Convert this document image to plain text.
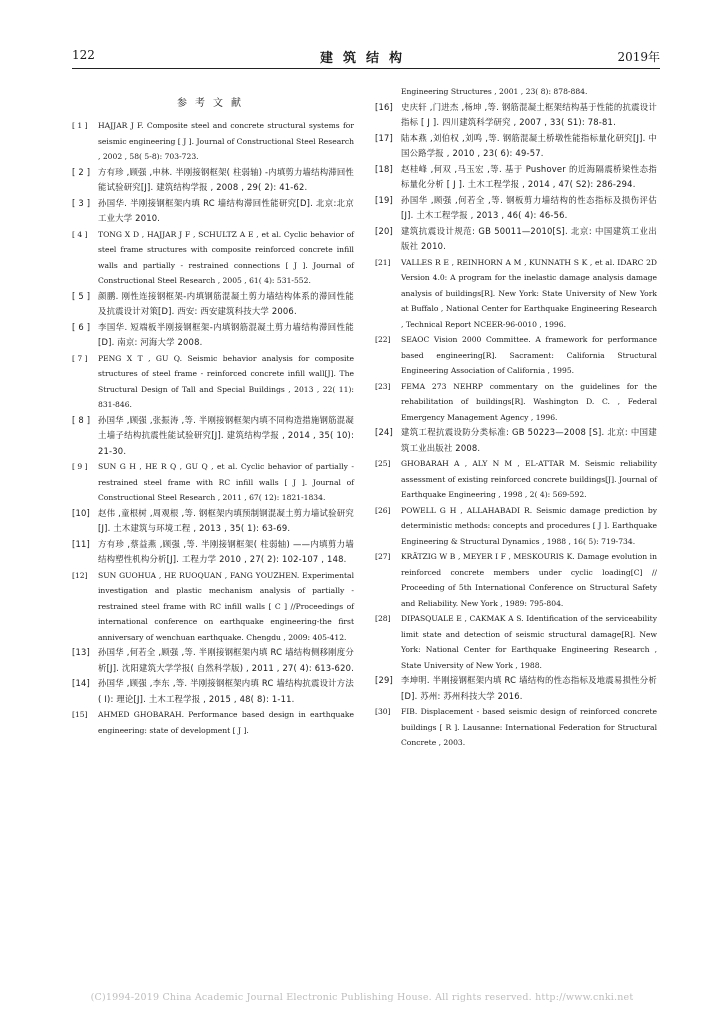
122	建筑结构	2019年
参考文献
[ 1 ] HAJJAR J F. Composite steel and concrete structural systems for seismic engineering [ J ]. Journal of Constructional Steel Research , 2002 , 58( 5-8): 703-723.
[ 2 ] 方有珍 ,顾强 ,申林. 半刚接钢框架( 柱弱轴) -内填剪力墙结构滞回性能试验研究[J]. 建筑结构学报 , 2008 , 29( 2): 41-62.
[ 3 ] 孙国华. 半刚接钢框架内填 RC 墙结构滞回性能研究[D]. 北京:北京工业大学 2010.
[ 4 ] TONG X D , HAJJAR J F , SCHULTZ A E , et al. Cyclic behavior of steel frame structures with composite reinforced concrete infill walls and partially - restrained connections [ J ]. Journal of Constructional Steel Research , 2005 , 61( 4): 531-552.
[ 5 ] 颜鹏. 刚性连接钢框架-内填钢筋混凝土剪力墙结构体系的滞回性能及抗震设计对策[D]. 西安: 西安建筑科技大学 2006.
[ 6 ] 李国华. 短端板半刚接钢框架-内填钢筋混凝土剪力墙结构滞回性能[D]. 南京: 河海大学 2008.
[ 7 ] PENG X T , GU Q. Seismic behavior analysis for composite structures of steel frame - reinforced concrete infill wall[J]. The Structural Design of Tall and Special Buildings , 2013 , 22( 11): 831-846.
[ 8 ] 孙国华 ,顾强 ,张振涛 ,等. 半刚接钢框架内填不同构造措施钢筋混凝土墙子结构抗震性能试验研究[J]. 建筑结构学报 , 2014 , 35( 10): 21-30.
[ 9 ] SUN G H , HE R Q , GU Q , et al. Cyclic behavior of partially - restrained steel frame with RC infill walls [ J ]. Journal of Constructional Steel Research , 2011 , 67( 12): 1821-1834.
[10] 赵伟 ,童根树 ,周观根 ,等. 钢框架内填预制钢混凝土剪力墙试验研究[J]. 土木建筑与环境工程 , 2013 , 35( 1): 63-69.
[11] 方有珍 ,蔡益燕 ,顾强 ,等. 半刚接钢框架( 柱弱轴) ——内填剪力墙结构塑性机构分析[J]. 工程力学 2010 , 27( 2): 102-107 , 148.
[12] SUN GUOHUA , HE RUOQUAN , FANG YOUZHEN. Experimental investigation and plastic mechanism analysis of partially - restrained steel frame with RC infill walls [ C ] //Proceedings of international conference on earthquake engineering-the first anniversary of wenchuan earthquake. Chengdu , 2009: 405-412.
[13] 孙国华 ,何若全 ,顾强 ,等. 半刚接钢框架内填 RC 墙结构侧移刚度分析[J]. 沈阳建筑大学学报( 自然科学版) , 2011 , 27( 4): 613-620.
[14] 孙国华 ,顾强 ,李东 ,等. 半刚接钢框架内填 RC 墙结构抗震设计方法( I): 理论[J]. 土木工程学报 , 2015 , 48( 8): 1-11.
[15] AHMED GHOBARAH. Performance based design in earthquake engineering: state of development [ J ].
Engineering Structures , 2001 , 23( 8): 878-884.
[16] 史庆轩 ,门进杰 ,杨坤 ,等. 钢筋混凝土框架结构基于性能的抗震设计指标 [ J ]. 四川建筑科学研究 , 2007 , 33( S1): 78-81.
[17] 陆本燕 ,刘伯权 ,刘鸣 ,等. 钢筋混凝土桥墩性能指标量化研究[J]. 中国公路学报 , 2010 , 23( 6): 49-57.
[18] 赵桂峰 ,何双 ,马玉宏 ,等. 基于 Pushover 的近海隔震桥梁性态指标量化分析 [ J ]. 土木工程学报 , 2014 , 47( S2): 286-294.
[19] 孙国华 ,顾强 ,何若全 ,等. 钢板剪力墙结构的性态指标及损伤评估[J]. 土木工程学报 , 2013 , 46( 4): 46-56.
[20] 建筑抗震设计规范: GB 50011—2010[S]. 北京: 中国建筑工业出版社 2010.
[21] VALLES R E , REINHORN A M , KUNNATH S K , et al. IDARC 2D Version 4.0: A program for the inelastic damage analysis damage analysis of buildings[R]. New York: State University of New York at Buffalo , National Center for Earthquake Engineering Research , Technical Report NCEER-96-0010 , 1996.
[22] SEAOC Vision 2000 Committee. A framework for performance based engineering[R]. Sacrament: California Structural Engineering Association of California , 1995.
[23] FEMA 273 NEHRP commentary on the guidelines for the rehabilitation of buildings[R]. Washington D. C. , Federal Emergency Management Agency , 1996.
[24] 建筑工程抗震设防分类标准: GB 50223—2008 [S]. 北京: 中国建筑工业出版社 2008.
[25] GHOBARAH A , ALY N M , EL-ATTAR M. Seismic reliability assessment of existing reinforced concrete buildings[J]. Journal of Earthquake Engineering , 1998 , 2( 4): 569-592.
[26] POWELL G H , ALLAHABADI R. Seismic damage prediction by deterministic methods: concepts and procedures [ J ]. Earthquake Engineering & Structural Dynamics , 1988 , 16( 5): 719-734.
[27] KRÄTZIG W B , MEYER I F , MESKOURIS K. Damage evolution in reinforced concrete members under cyclic loading[C] // Proceeding of 5th International Conference on Structural Safety and Reliability. New York , 1989: 795-804.
[28] DIPASQUALE E , CAKMAK A S. Identification of the serviceability limit state and detection of seismic structural damage[R]. New York: National Center for Earthquake Engineering Research , State University of New York , 1988.
[29] 李坤明. 半刚接钢框架内填 RC 墙结构的性态指标及地震易损性分析[D]. 苏州: 苏州科技大学 2016.
[30] FIB. Displacement - based seismic design of reinforced concrete buildings [ R ]. Lausanne: International Federation for Structural Concrete , 2003.
(C)1994-2019 China Academic Journal Electronic Publishing House. All rights reserved. http://www.cnki.net
